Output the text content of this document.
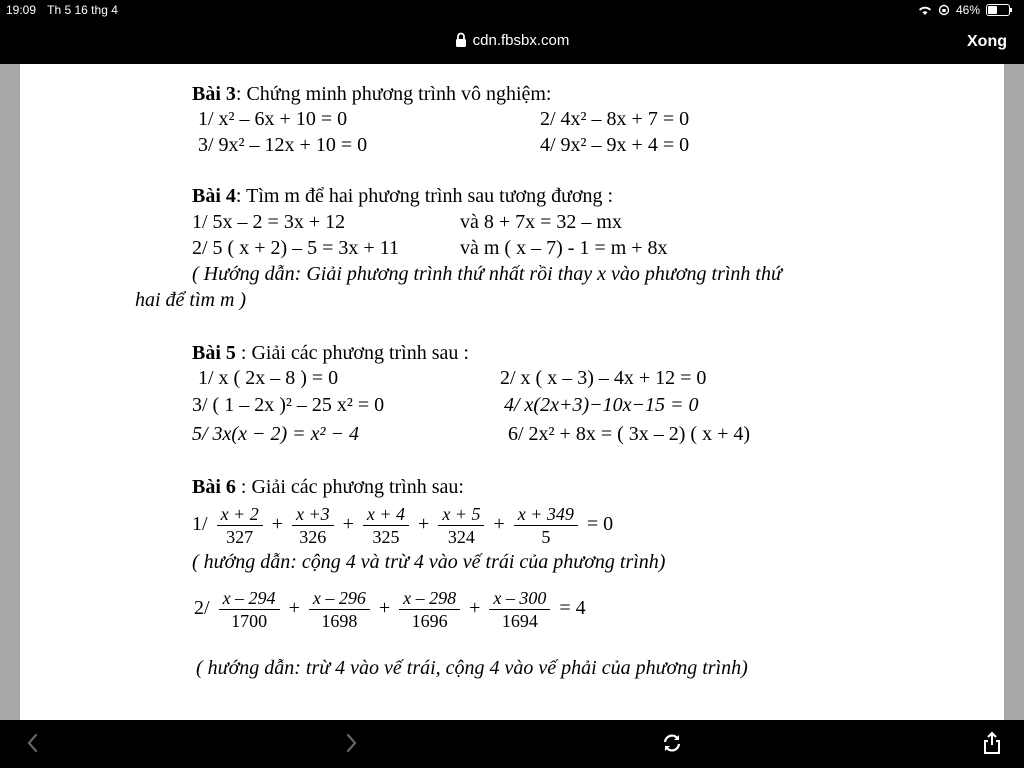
19:09 Th 5 16 thg 4	46%
cdn.fbsbx.com	Xong
Bài 3: Chứng minh phương trình vô nghiệm:
1/ x² – 6x + 10 = 0	2/ 4x² – 8x + 7 = 0
3/ 9x² – 12x + 10 = 0	4/ 9x² – 9x + 4 = 0
Bài 4: Tìm m để hai phương trình sau tương đương :
1/ 5x – 2 = 3x + 12	và 8 + 7x = 32 – mx
2/ 5 ( x + 2) – 5 = 3x + 11	và m ( x – 7) - 1 = m + 8x
( Hướng dẫn: Giải phương trình thứ nhất rồi thay x vào phương trình thứ
hai để tìm m )
Bài 5 : Giải các phương trình sau :
1/ x ( 2x – 8 ) = 0	2/ x ( x – 3) – 4x + 12 = 0
3/ ( 1 – 2x )² – 25 x² = 0	4/ x(2x+3)−10x−15 = 0
5/ 3x(x − 2) = x² − 4	6/ 2x² + 8x = ( 3x – 2) ( x + 4)
Bài 6 : Giải các phương trình sau:
$1/ \frac{x + 2}{327} + \frac{x +3}{326} + \frac{x + 4}{325} + \frac{x + 5}{324} + \frac{x + 349}{5} = 0$
( hướng dẫn: cộng 4 và trừ 4 vào vế trái của phương trình)
$2/ \frac{x - 294}{1700} + \frac{x - 296}{1698} + \frac{x - 298}{1696} + \frac{x - 300}{1694} = 4$
( hướng dẫn: trừ 4 vào vế trái, cộng 4 vào vế phải của phương trình)
